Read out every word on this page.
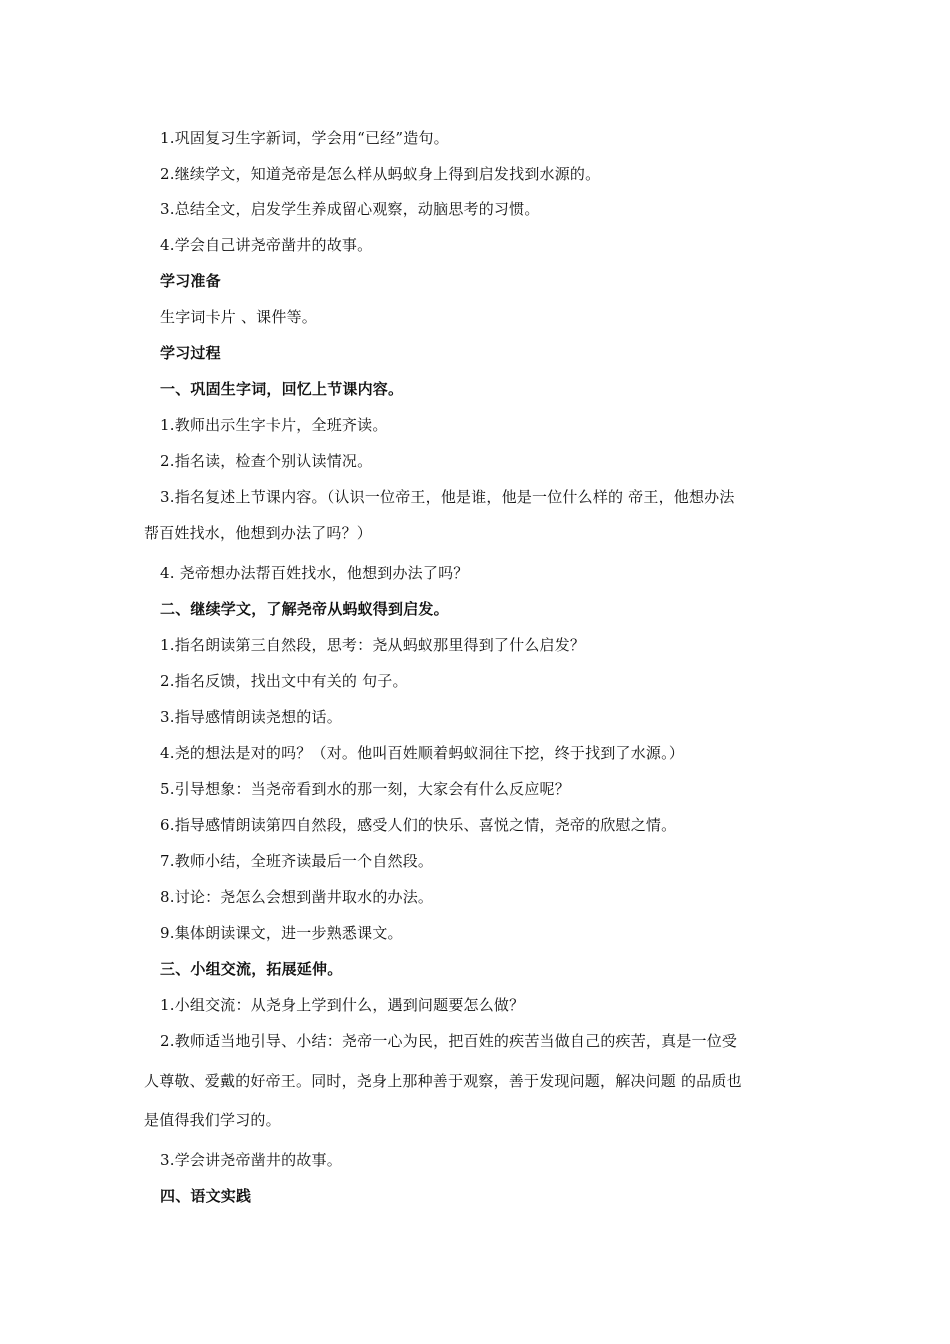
1.巩固复习生字新词，学会用“已经”造句。
2.继续学文，知道尧帝是怎么样从蚂蚁身上得到启发找到水源的。
3.总结全文，启发学生养成留心观察，动脑思考的习惯。
4.学会自己讲尧帝凿井的故事。
学习准备
生字词卡片 、课件等。
学习过程
一、巩固生字词，回忆上节课内容。
1.教师出示生字卡片，全班齐读。
2.指名读，检查个别认读情况。
3.指名复述上节课内容。（认识一位帝王，他是谁，他是一位什么样的 帝王，他想办法
帮百姓找水，他想到办法了吗？）
4. 尧帝想办法帮百姓找水，他想到办法了吗？
二、继续学文，了解尧帝从蚂蚁得到启发。
1.指名朗读第三自然段，思考：尧从蚂蚁那里得到了什么启发？
2.指名反馈，找出文中有关的 句子。
3.指导感情朗读尧想的话。
4.尧的想法是对的吗？（对。他叫百姓顺着蚂蚁洞往下挖，终于找到了水源。）
5.引导想象：当尧帝看到水的那一刻，大家会有什么反应呢？
6.指导感情朗读第四自然段，感受人们的快乐、喜悦之情，尧帝的欣慰之情。
7.教师小结，全班齐读最后一个自然段。
8.讨论：尧怎么会想到凿井取水的办法。
9.集体朗读课文，进一步熟悉课文。
三、小组交流，拓展延伸。
1.小组交流：从尧身上学到什么，遇到问题要怎么做？
2.教师适当地引导、小结：尧帝一心为民，把百姓的疾苦当做自己的疾苦，真是一位受
人尊敬、爱戴的好帝王。同时，尧身上那种善于观察，善于发现问题，解决问题 的品质也
是值得我们学习的。
3.学会讲尧帝凿井的故事。
四、语文实践
